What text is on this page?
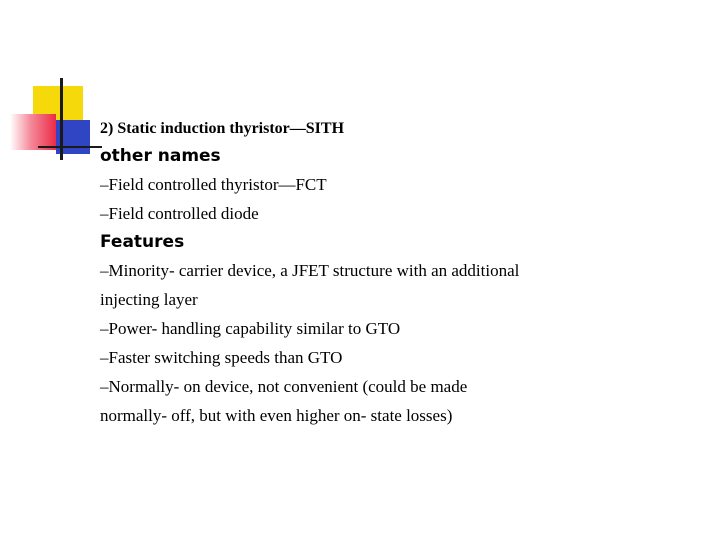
2) Static induction thyristor—SITH
other names
–Field controlled thyristor—FCT
–Field controlled diode
Features
–Minority- carrier device, a JFET structure with an additional
injecting layer
–Power- handling capability similar to GTO
–Faster switching speeds than GTO
–Normally- on device, not convenient (could be made
normally- off, but with even higher on- state losses)
